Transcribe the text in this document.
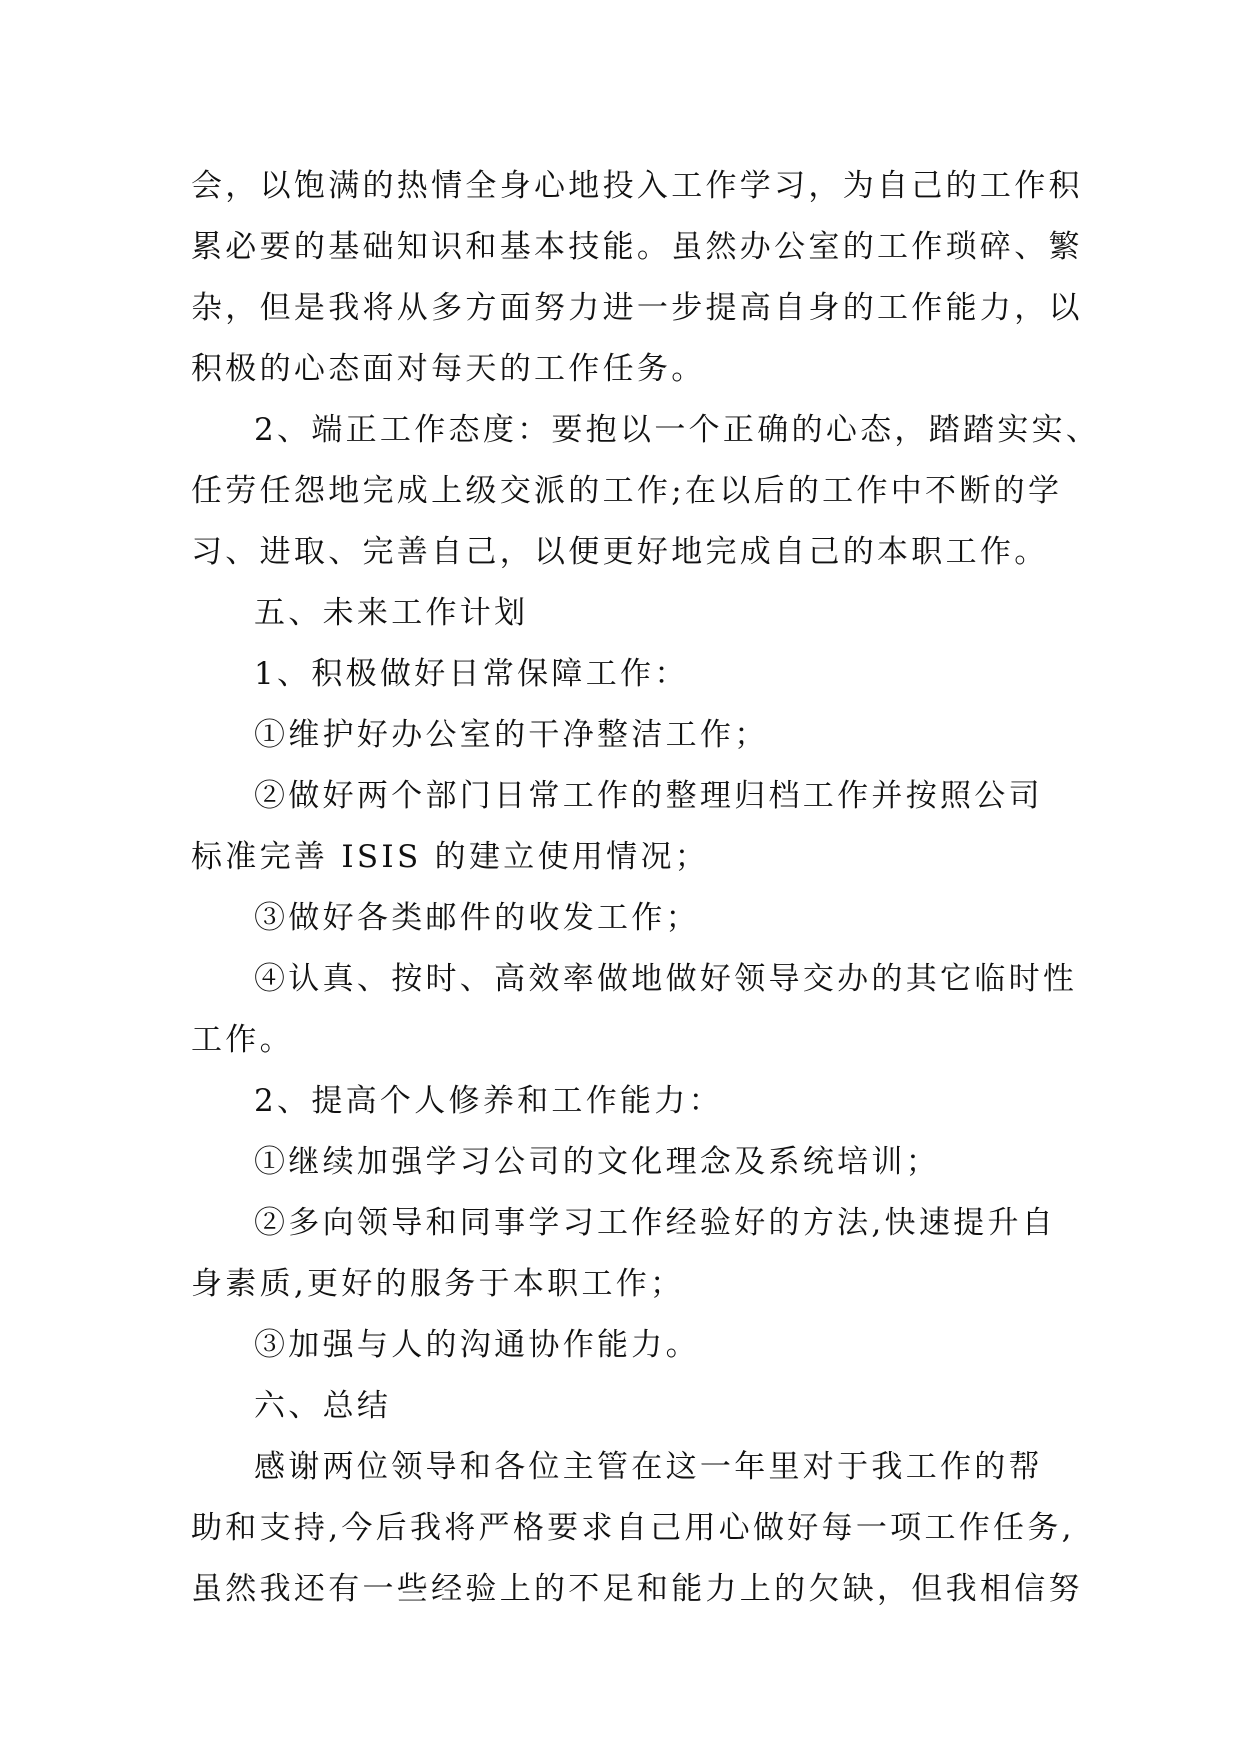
会，以饱满的热情全身心地投入工作学习，为自己的工作积
累必要的基础知识和基本技能。虽然办公室的工作琐碎、繁
杂，但是我将从多方面努力进一步提高自身的工作能力，以
积极的心态面对每天的工作任务。
2、端正工作态度：要抱以一个正确的心态，踏踏实实、
任劳任怨地完成上级交派的工作;在以后的工作中不断的学
习、进取、完善自己，以便更好地完成自己的本职工作。
五、未来工作计划
1、积极做好日常保障工作：
①维护好办公室的干净整洁工作；
②做好两个部门日常工作的整理归档工作并按照公司
标准完善 ISIS 的建立使用情况；
③做好各类邮件的收发工作；
④认真、按时、高效率做地做好领导交办的其它临时性
工作。
2、提高个人修养和工作能力：
①继续加强学习公司的文化理念及系统培训；
②多向领导和同事学习工作经验好的方法,快速提升自
身素质,更好的服务于本职工作；
③加强与人的沟通协作能力。
六、总结
感谢两位领导和各位主管在这一年里对于我工作的帮
助和支持,今后我将严格要求自己用心做好每一项工作任务,
虽然我还有一些经验上的不足和能力上的欠缺，但我相信努
